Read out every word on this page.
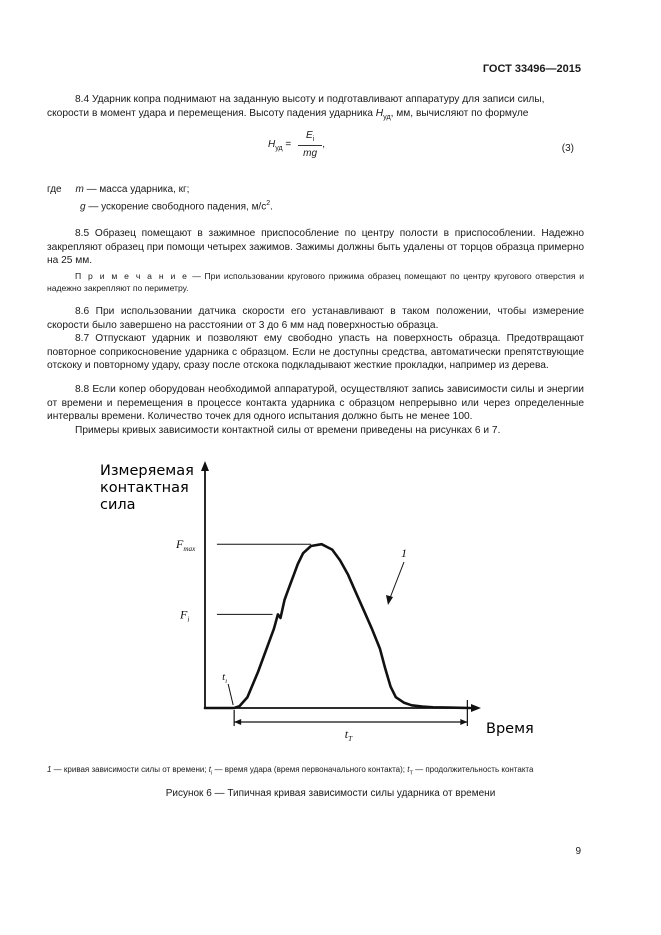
ГОСТ 33496—2015
8.4 Ударник копра поднимают на заданную высоту и подготавливают аппаратуру для записи силы,
скорости в момент удара и перемещения. Высоту падения ударника $H_{уд}$, мм, вычисляют по формуле
$H_{уд} = \frac{E_i}{mg}$ ,	(3)
где m — масса ударника, кг;
g — ускорение свободного падения, $м/с^2$.
8.5 Образец помещают в зажимное приспособление по центру полости в приспособлении. Надежно закрепляют образец при помощи четырех зажимов. Зажимы должны быть удалены от торцов образца примерно на 25 мм.
П р и м е ч а н и е — При использовании кругового прижима образец помещают по центру кругового отверстия и надежно закрепляют по периметру.
8.6 При использовании датчика скорости его устанавливают в таком положении, чтобы измерение скорости было завершено на расстоянии от 3 до 6 мм над поверхностью образца.
8.7 Отпускают ударник и позволяют ему свободно упасть на поверхность образца. Предотвращают повторное соприкосновение ударника с образцом. Если не доступны средства, автоматически препятствующие отскоку и повторному удару, сразу после отскока подкладывают жесткие прокладки, например из дерева.
8.8 Если копер оборудован необходимой аппаратурой, осуществляют запись зависимости силы и энергии от времени и перемещения в процессе контакта ударника с образцом непрерывно или через определенные интервалы времени. Количество точек для одного испытания должно быть не менее 100.
Примеры кривых зависимости контактной силы от времени приведены на рисунках 6 и 7.
Измеряемая
контактная
сила
Время
$F_{max}$
$F_i$
$t_i$
$t_T$
1
1 — кривая зависимости силы от времени; $t_i$ — время удара (время первоначального контакта); $t_T$ — продолжительность контакта
Рисунок 6 — Типичная кривая зависимости силы ударника от времени
9
